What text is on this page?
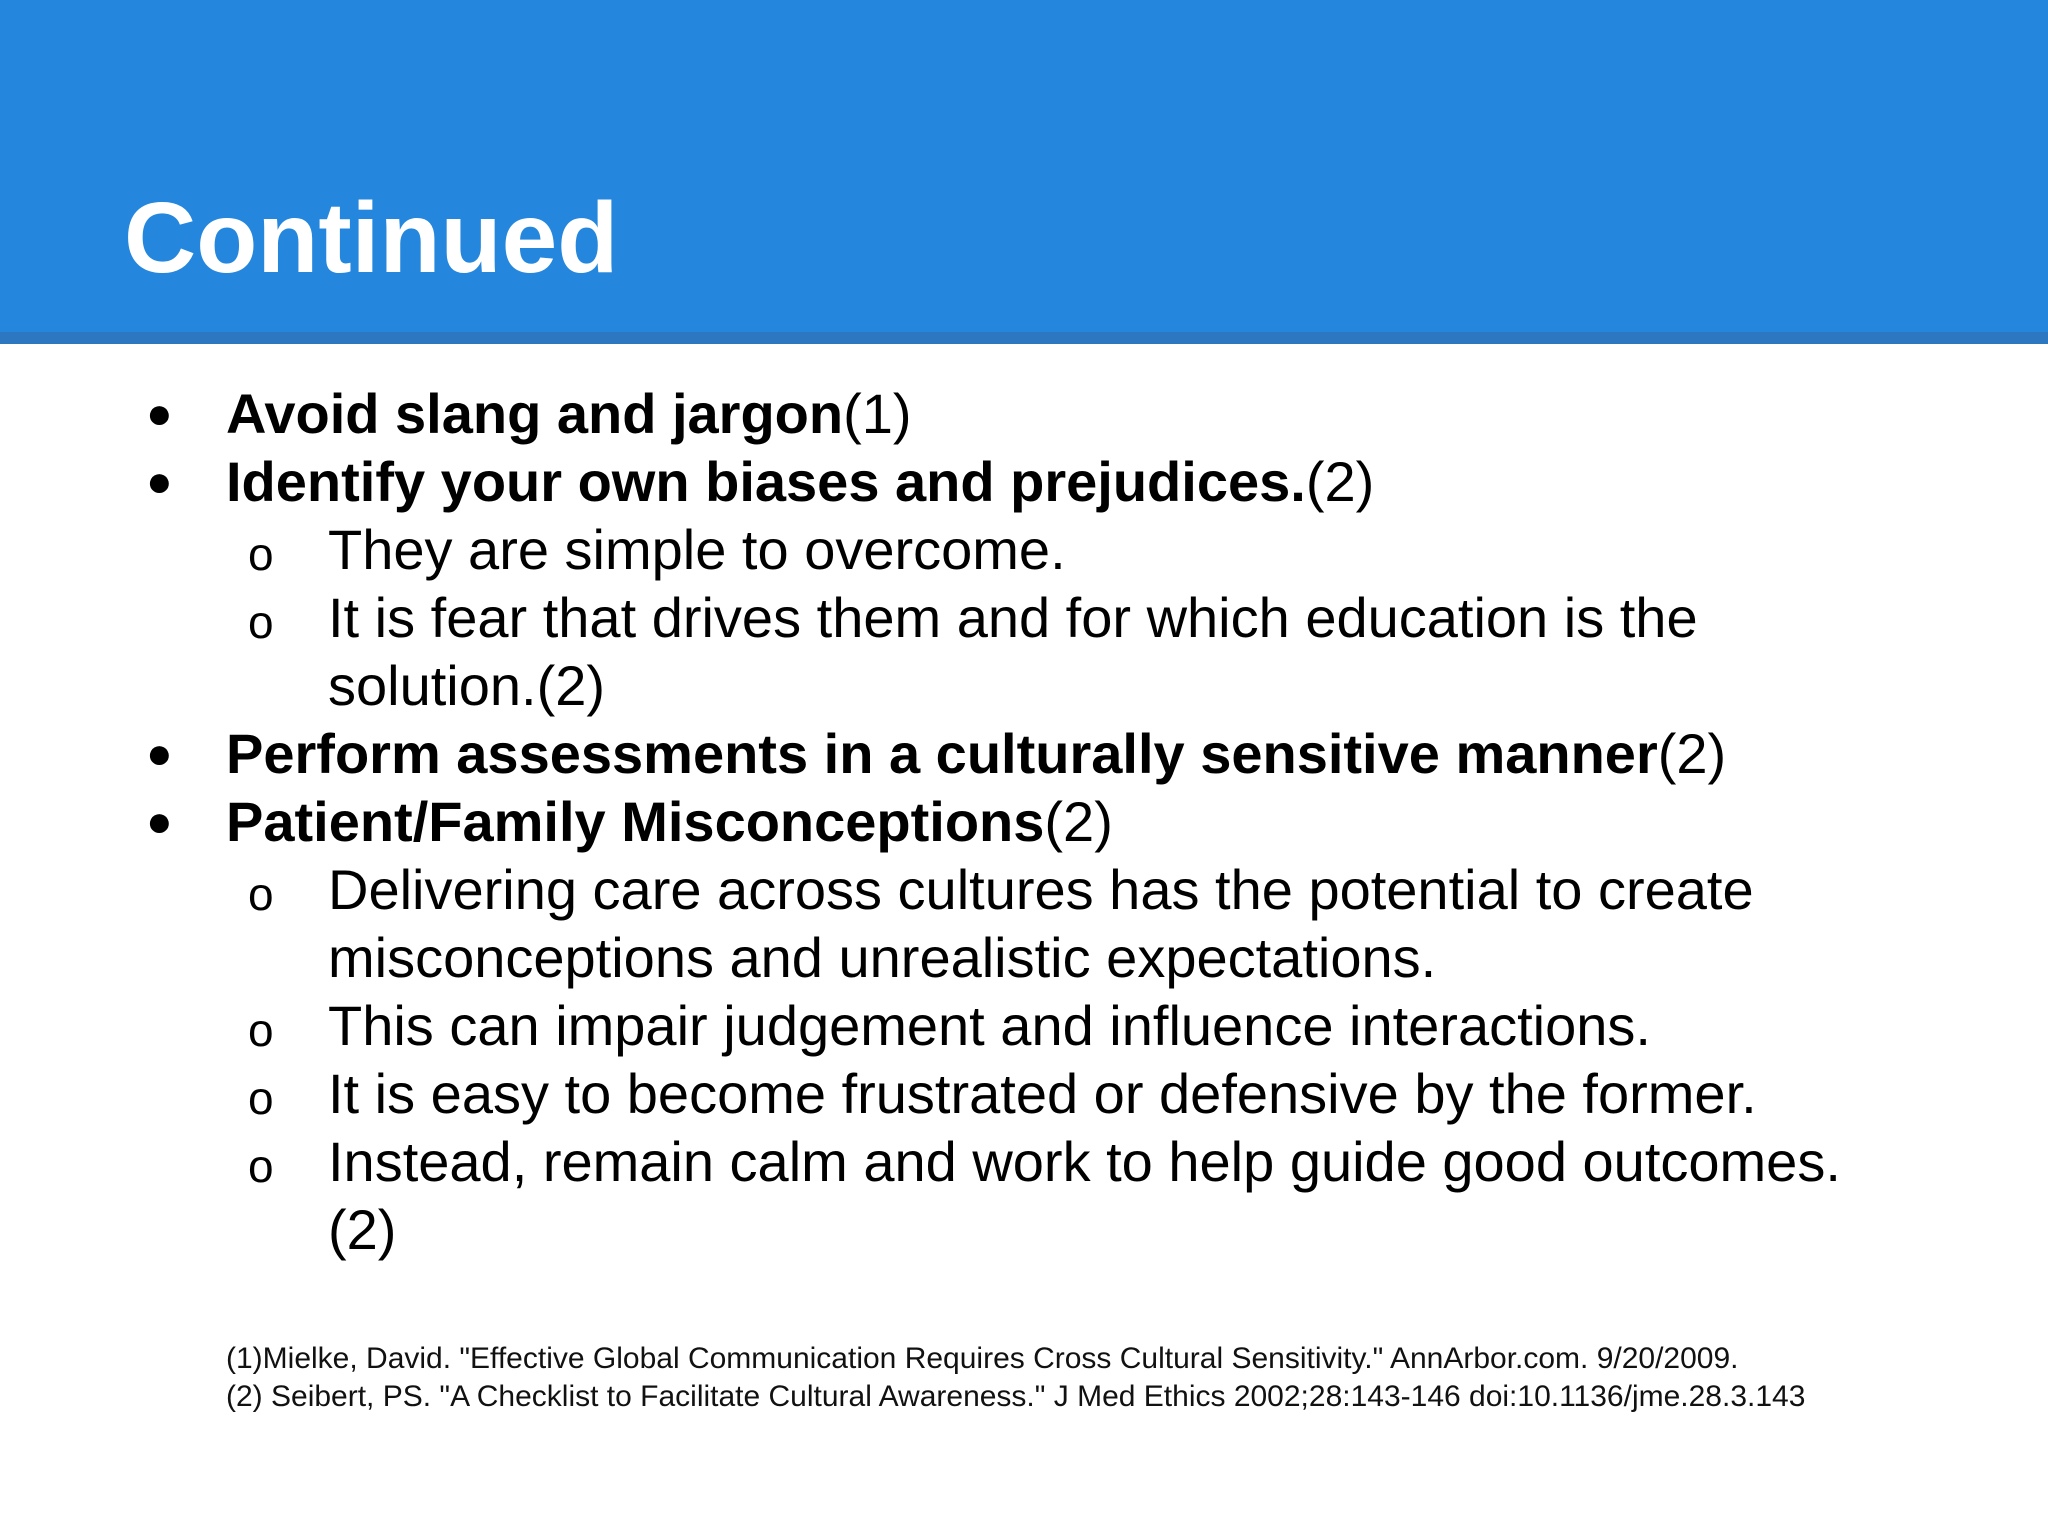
Continued
● Avoid slang and jargon(1)
● Identify your own biases and prejudices.(2)
o They are simple to overcome.
o It is fear that drives them and for which education is the
solution.(2)
● Perform assessments in a culturally sensitive manner(2)
● Patient/Family Misconceptions(2)
o Delivering care across cultures has the potential to create
misconceptions and unrealistic expectations.
o This can impair judgement and influence interactions.
o It is easy to become frustrated or defensive by the former.
o Instead, remain calm and work to help guide good outcomes.
(2)
(1)Mielke, David. "Effective Global Communication Requires Cross Cultural Sensitivity." AnnArbor.com. 9/20/2009.
(2) Seibert, PS. "A Checklist to Facilitate Cultural Awareness." J Med Ethics 2002;28:143-146 doi:10.1136/jme.28.3.143
